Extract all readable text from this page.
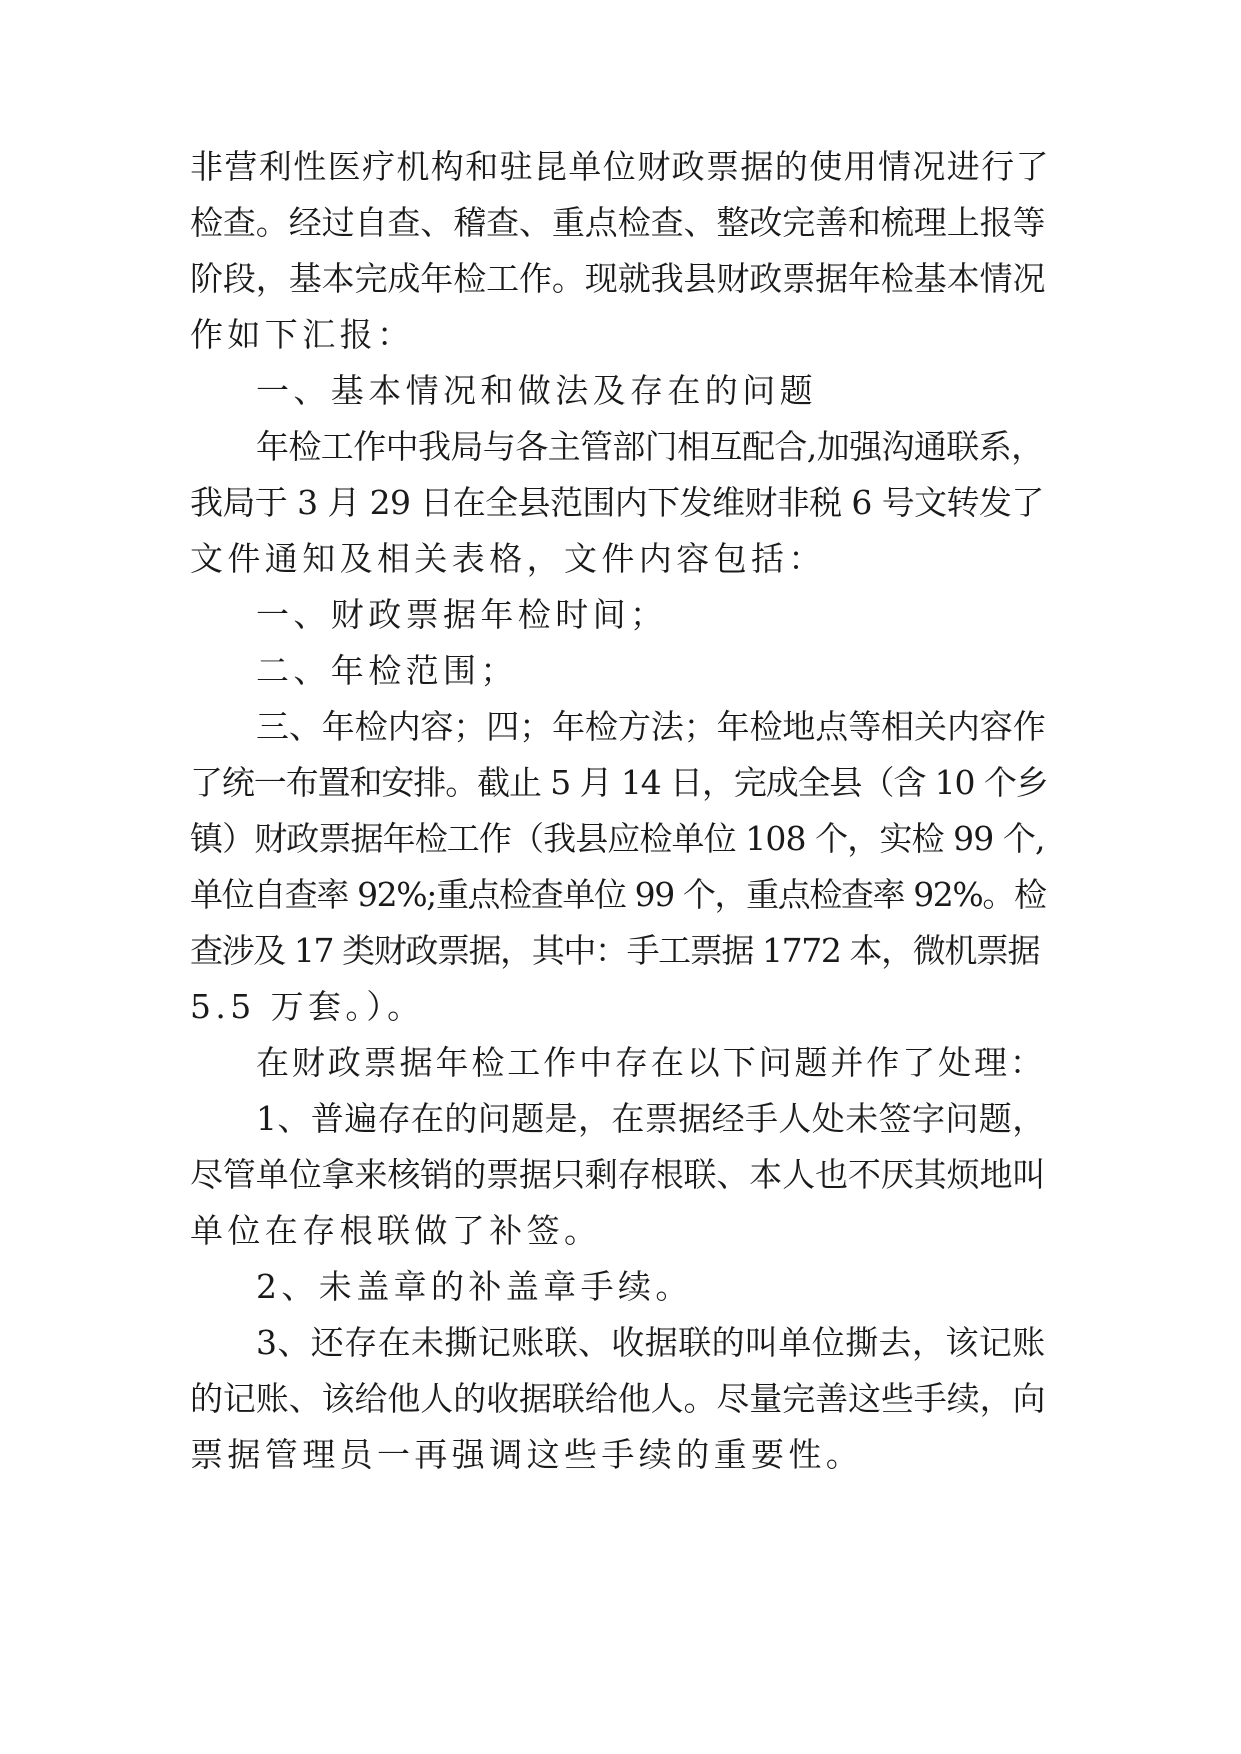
非营利性医疗机构和驻昆单位财政票据的使用情况进行了
检查。经过自查、稽查、重点检查、整改完善和梳理上报等
阶段，基本完成年检工作。现就我县财政票据年检基本情况
作如下汇报：
一、基本情况和做法及存在的问题
年检工作中我局与各主管部门相互配合,加强沟通联系，
我局于 3 月 29 日在全县范围内下发维财非税 6 号文转发了
文件通知及相关表格，文件内容包括：
一、财政票据年检时间；
二、年检范围；
三、年检内容；四；年检方法；年检地点等相关内容作
了统一布置和安排。截止 5 月 14 日，完成全县（含 10 个乡
镇）财政票据年检工作（我县应检单位 108 个，实检 99 个,
单位自查率 92%;重点检查单位 99 个，重点检查率 92%。检
查涉及 17 类财政票据，其中：手工票据 1772 本，微机票据
5.5 万套。）。
在财政票据年检工作中存在以下问题并作了处理：
1、普遍存在的问题是，在票据经手人处未签字问题，
尽管单位拿来核销的票据只剩存根联、本人也不厌其烦地叫
单位在存根联做了补签。
2、未盖章的补盖章手续。
3、还存在未撕记账联、收据联的叫单位撕去，该记账
的记账、该给他人的收据联给他人。尽量完善这些手续，向
票据管理员一再强调这些手续的重要性。
